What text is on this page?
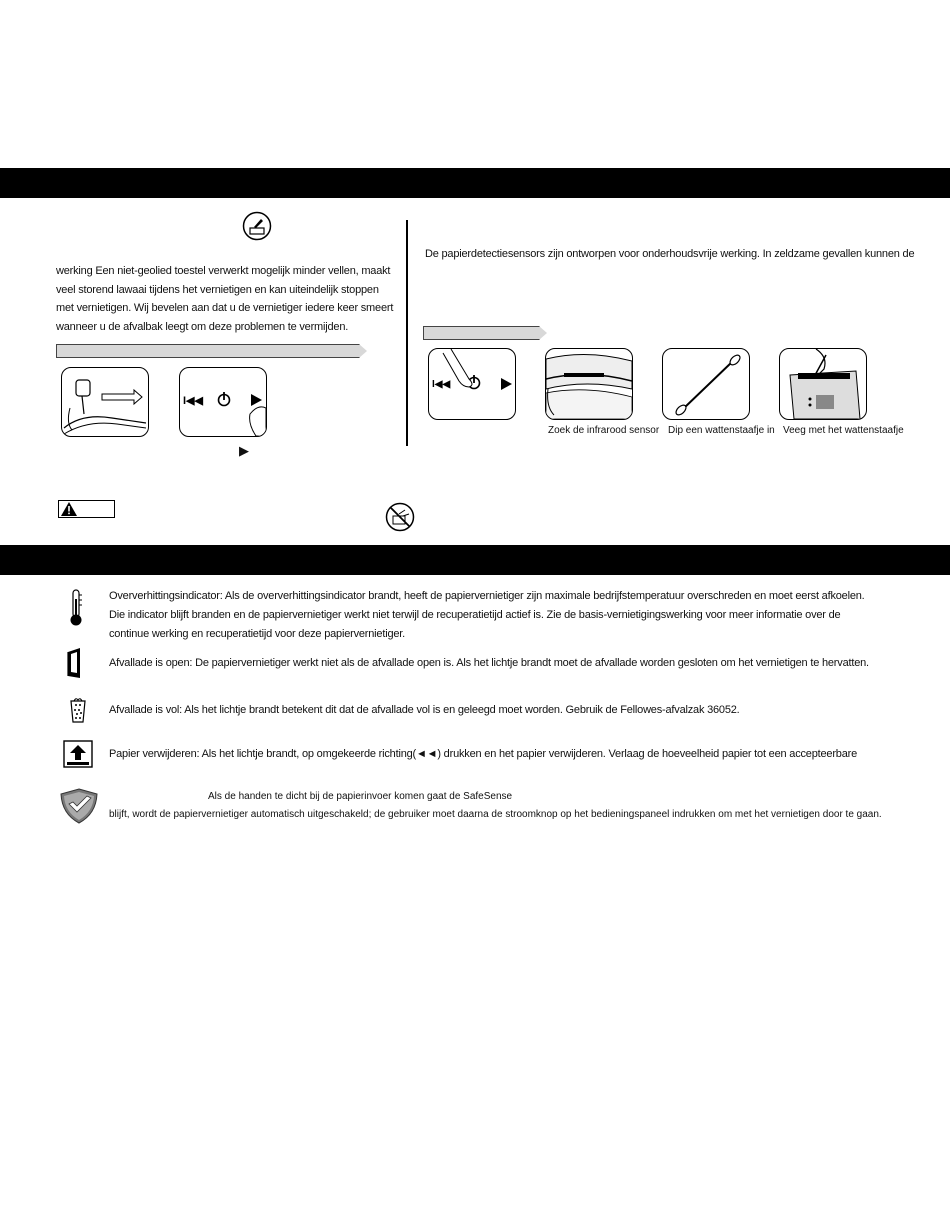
werking Een niet-geolied toestel verwerkt mogelijk minder vellen, maakt
veel storend lawaai tijdens het vernietigen en kan uiteindelijk stoppen
met vernietigen. Wij bevelen aan dat u de vernietiger iedere keer smeert
wanneer u de afvalbak leegt om deze problemen te vermijden.
I◀◀
▶
De papierdetectiesensors zijn ontworpen voor onderhoudsvrije werking. In zeldzame gevallen kunnen de
I◀◀
Zoek de infrarood sensor Dip een wattenstaafje in Veeg met het wattenstaafje
Oververhittingsindicator: Als de oververhittingsindicator brandt, heeft de papiervernietiger zijn maximale bedrijfstemperatuur overschreden en moet eerst afkoelen.
Die indicator blijft branden en de papiervernietiger werkt niet terwijl de recuperatietijd actief is. Zie de basis-vernietigingswerking voor meer informatie over de
continue werking en recuperatietijd voor deze papiervernietiger.
Afvallade is open: De papiervernietiger werkt niet als de afvallade open is. Als het lichtje brandt moet de afvallade worden gesloten om het vernietigen te hervatten.
Afvallade is vol: Als het lichtje brandt betekent dit dat de afvallade vol is en geleegd moet worden. Gebruik de Fellowes-afvalzak 36052.
Papier verwijderen: Als het lichtje brandt, op omgekeerde richting(◄◄) drukken en het papier verwijderen. Verlaag de hoeveelheid papier tot een accepteerbare
Als de handen te dicht bij de papierinvoer komen gaat de SafeSense
blijft, wordt de papiervernietiger automatisch uitgeschakeld; de gebruiker moet daarna de stroomknop op het bedieningspaneel indrukken om met het vernietigen door te gaan.
